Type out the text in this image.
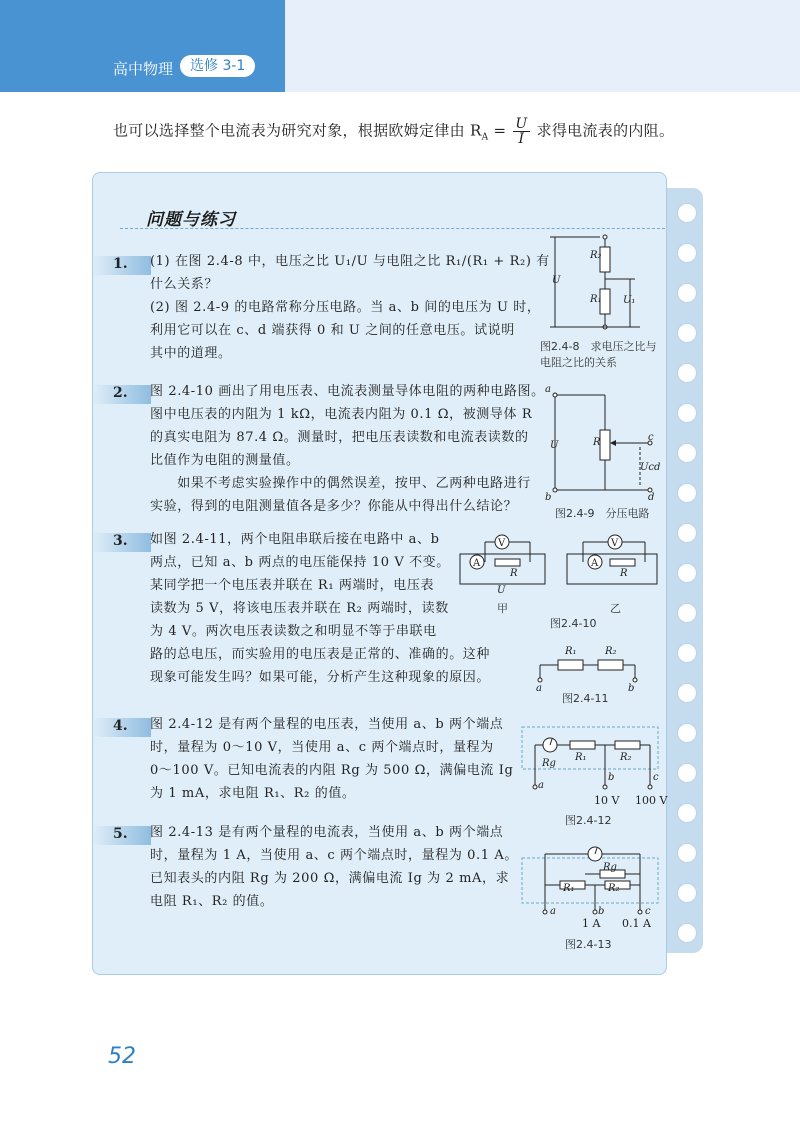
高中物理	选修 3-1
也可以选择整个电流表为研究对象，根据欧姆定律由 $R_A = \frac{U}{I}$ 求得电流表的内阻。
问题与练习
1. (1) 在图 2.4-8 中，电压之比 U₁/U 与电阻之比 R₁/(R₁ + R₂) 有

什么关系？

(2) 图 2.4-9 的电路常称分压电路。当 a、b 间的电压为 U 时，

利用它可以在 c、d 端获得 0 和 U 之间的任意电压。试说明

其中的道理。

2. 图 2.4-10 画出了用电压表、电流表测量导体电阻的两种电路图。

图中电压表的内阻为 1 kΩ，电流表内阻为 0.1 Ω，被测导体 R

的真实电阻为 87.4 Ω。测量时，把电压表读数和电流表读数的

比值作为电阻的测量值。

　　如果不考虑实验操作中的偶然误差，按甲、乙两种电路进行

实验，得到的电阻测量值各是多少？你能从中得出什么结论？

3. 如图 2.4-11，两个电阻串联后接在电路中 a、b

两点，已知 a、b 两点的电压能保持 10 V 不变。

某同学把一个电压表并联在 R₁ 两端时，电压表

读数为 5 V，将该电压表并联在 R₂ 两端时，读数

为 4 V。两次电压表读数之和明显不等于串联电

路的总电压，而实验用的电压表是正常的、准确的。这种

现象可能发生吗？如果可能，分析产生这种现象的原因。

4. 图 2.4-12 是有两个量程的电压表，当使用 a、b 两个端点

时，量程为 0～10 V，当使用 a、c 两个端点时，量程为

0～100 V。已知电流表的内阻 Rg 为 500 Ω，满偏电流 Ig

为 1 mA，求电阻 R₁、R₂ 的值。

5. 图 2.4-13 是有两个量程的电流表，当使用 a、b 两个端点

时，量程为 1 A，当使用 a、c 两个端点时，量程为 0.1 A。

已知表头的内阻 Rg 为 200 Ω，满偏电流 Ig 为 2 mA，求

电阻 R₁、R₂ 的值。

U
R₂
R₁ U₁
图2.4-8　求电压之比与
电阻之比的关系
a
b
c
d
U	R
Ucd
图2.4-9　分压电路
V
A
R
U
甲
V
A
R
乙
图2.4-10
R₁	R₂
a	b
图2.4-11
Rg
R₁	R₂
a
b	c
10 V 100 V
图2.4-12
Rg
R₁	R₂
a	b	c
1 A 0.1 A
图2.4-13
52
